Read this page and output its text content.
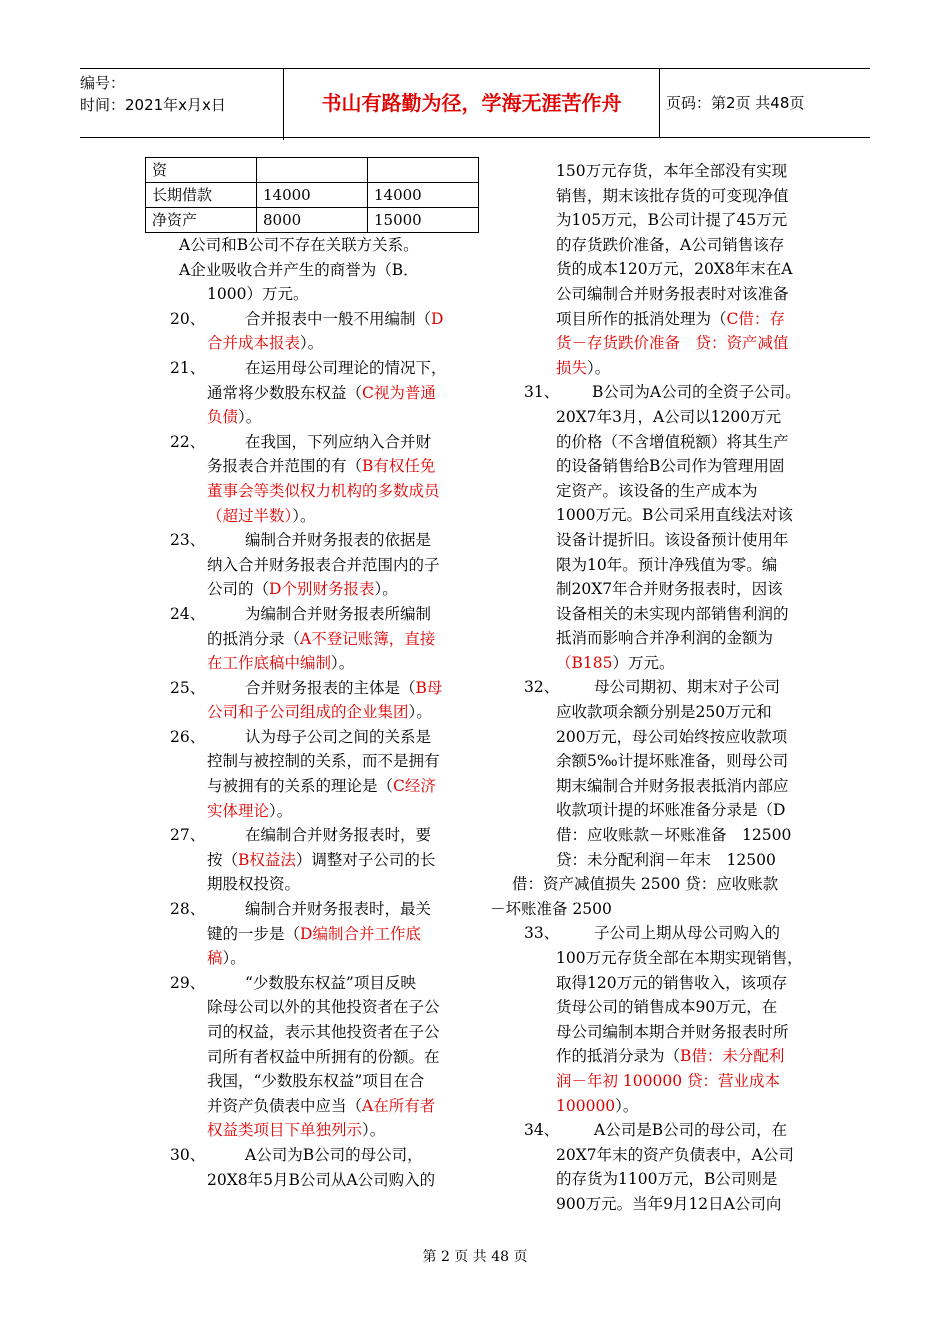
编号：
时间：2021年x月x日	书山有路勤为径，学海无涯苦作舟	页码：第2页 共48页
资		
长期借款	14000	14000
净资产	8000	15000
A公司和B公司不存在关联方关系。
A企业吸收合并产生的商誉为（B．
1000）万元。
20、	合并报表中一般不用编制（D
合并成本报表）。
21、	在运用母公司理论的情况下，
通常将少数股东权益（C视为普通
负债）。
22、	在我国，下列应纳入合并财
务报表合并范围的有（B有权任免
董事会等类似权力机构的多数成员
（超过半数））。
23、	编制合并财务报表的依据是
纳入合并财务报表合并范围内的子
公司的（D个别财务报表）。
24、	为编制合并财务报表所编制
的抵消分录（A不登记账簿，直接
在工作底稿中编制）。
25、	合并财务报表的主体是（B母
公司和子公司组成的企业集团）。
26、	认为母子公司之间的关系是
控制与被控制的关系，而不是拥有
与被拥有的关系的理论是（C经济
实体理论）。
27、	在编制合并财务报表时，要
按（B权益法）调整对子公司的长
期股权投资。
28、	编制合并财务报表时，最关
键的一步是（D编制合并工作底
稿）。
29、	“少数股东权益”项目反映
除母公司以外的其他投资者在子公
司的权益，表示其他投资者在子公
司所有者权益中所拥有的份额。在
我国，“少数股东权益”项目在合
并资产负债表中应当（A在所有者
权益类项目下单独列示）。
30、	A公司为B公司的母公司，
20X8年5月B公司从A公司购入的
150万元存货，本年全部没有实现
销售，期末该批存货的可变现净值
为105万元，B公司计提了45万元
的存货跌价准备，A公司销售该存
货的成本120万元，20X8年末在A
公司编制合并财务报表时对该准备
项目所作的抵消处理为（C借：存
货－存货跌价准备　贷：资产减值
损失）。
31、	B公司为A公司的全资子公司。
20X7年3月，A公司以1200万元
的价格（不含增值税额）将其生产
的设备销售给B公司作为管理用固
定资产。该设备的生产成本为
1000万元。B公司采用直线法对该
设备计提折旧。该设备预计使用年
限为10年。预计净残值为零。编
制20X7年合并财务报表时，因该
设备相关的未实现内部销售利润的
抵消而影响合并净利润的金额为
（B185）万元。
32、	母公司期初、期末对子公司
应收款项余额分别是250万元和
200万元，母公司始终按应收款项
余额5‰计提坏账准备，则母公司
期末编制合并财务报表抵消内部应
收款项计提的坏账准备分录是（D
借：应收账款－坏账准备　12500
贷：未分配利润－年末　12500
借：资产减值损失 2500 贷：应收账款
－坏账准备 2500
33、	子公司上期从母公司购入的
100万元存货全部在本期实现销售，
取得120万元的销售收入，该项存
货母公司的销售成本90万元，在
母公司编制本期合并财务报表时所
作的抵消分录为（B借：未分配利
润－年初 100000 贷：营业成本
100000）。
34、	A公司是B公司的母公司，在
20X7年末的资产负债表中，A公司
的存货为1100万元，B公司则是
900万元。当年9月12日A公司向
第 2 页 共 48 页
